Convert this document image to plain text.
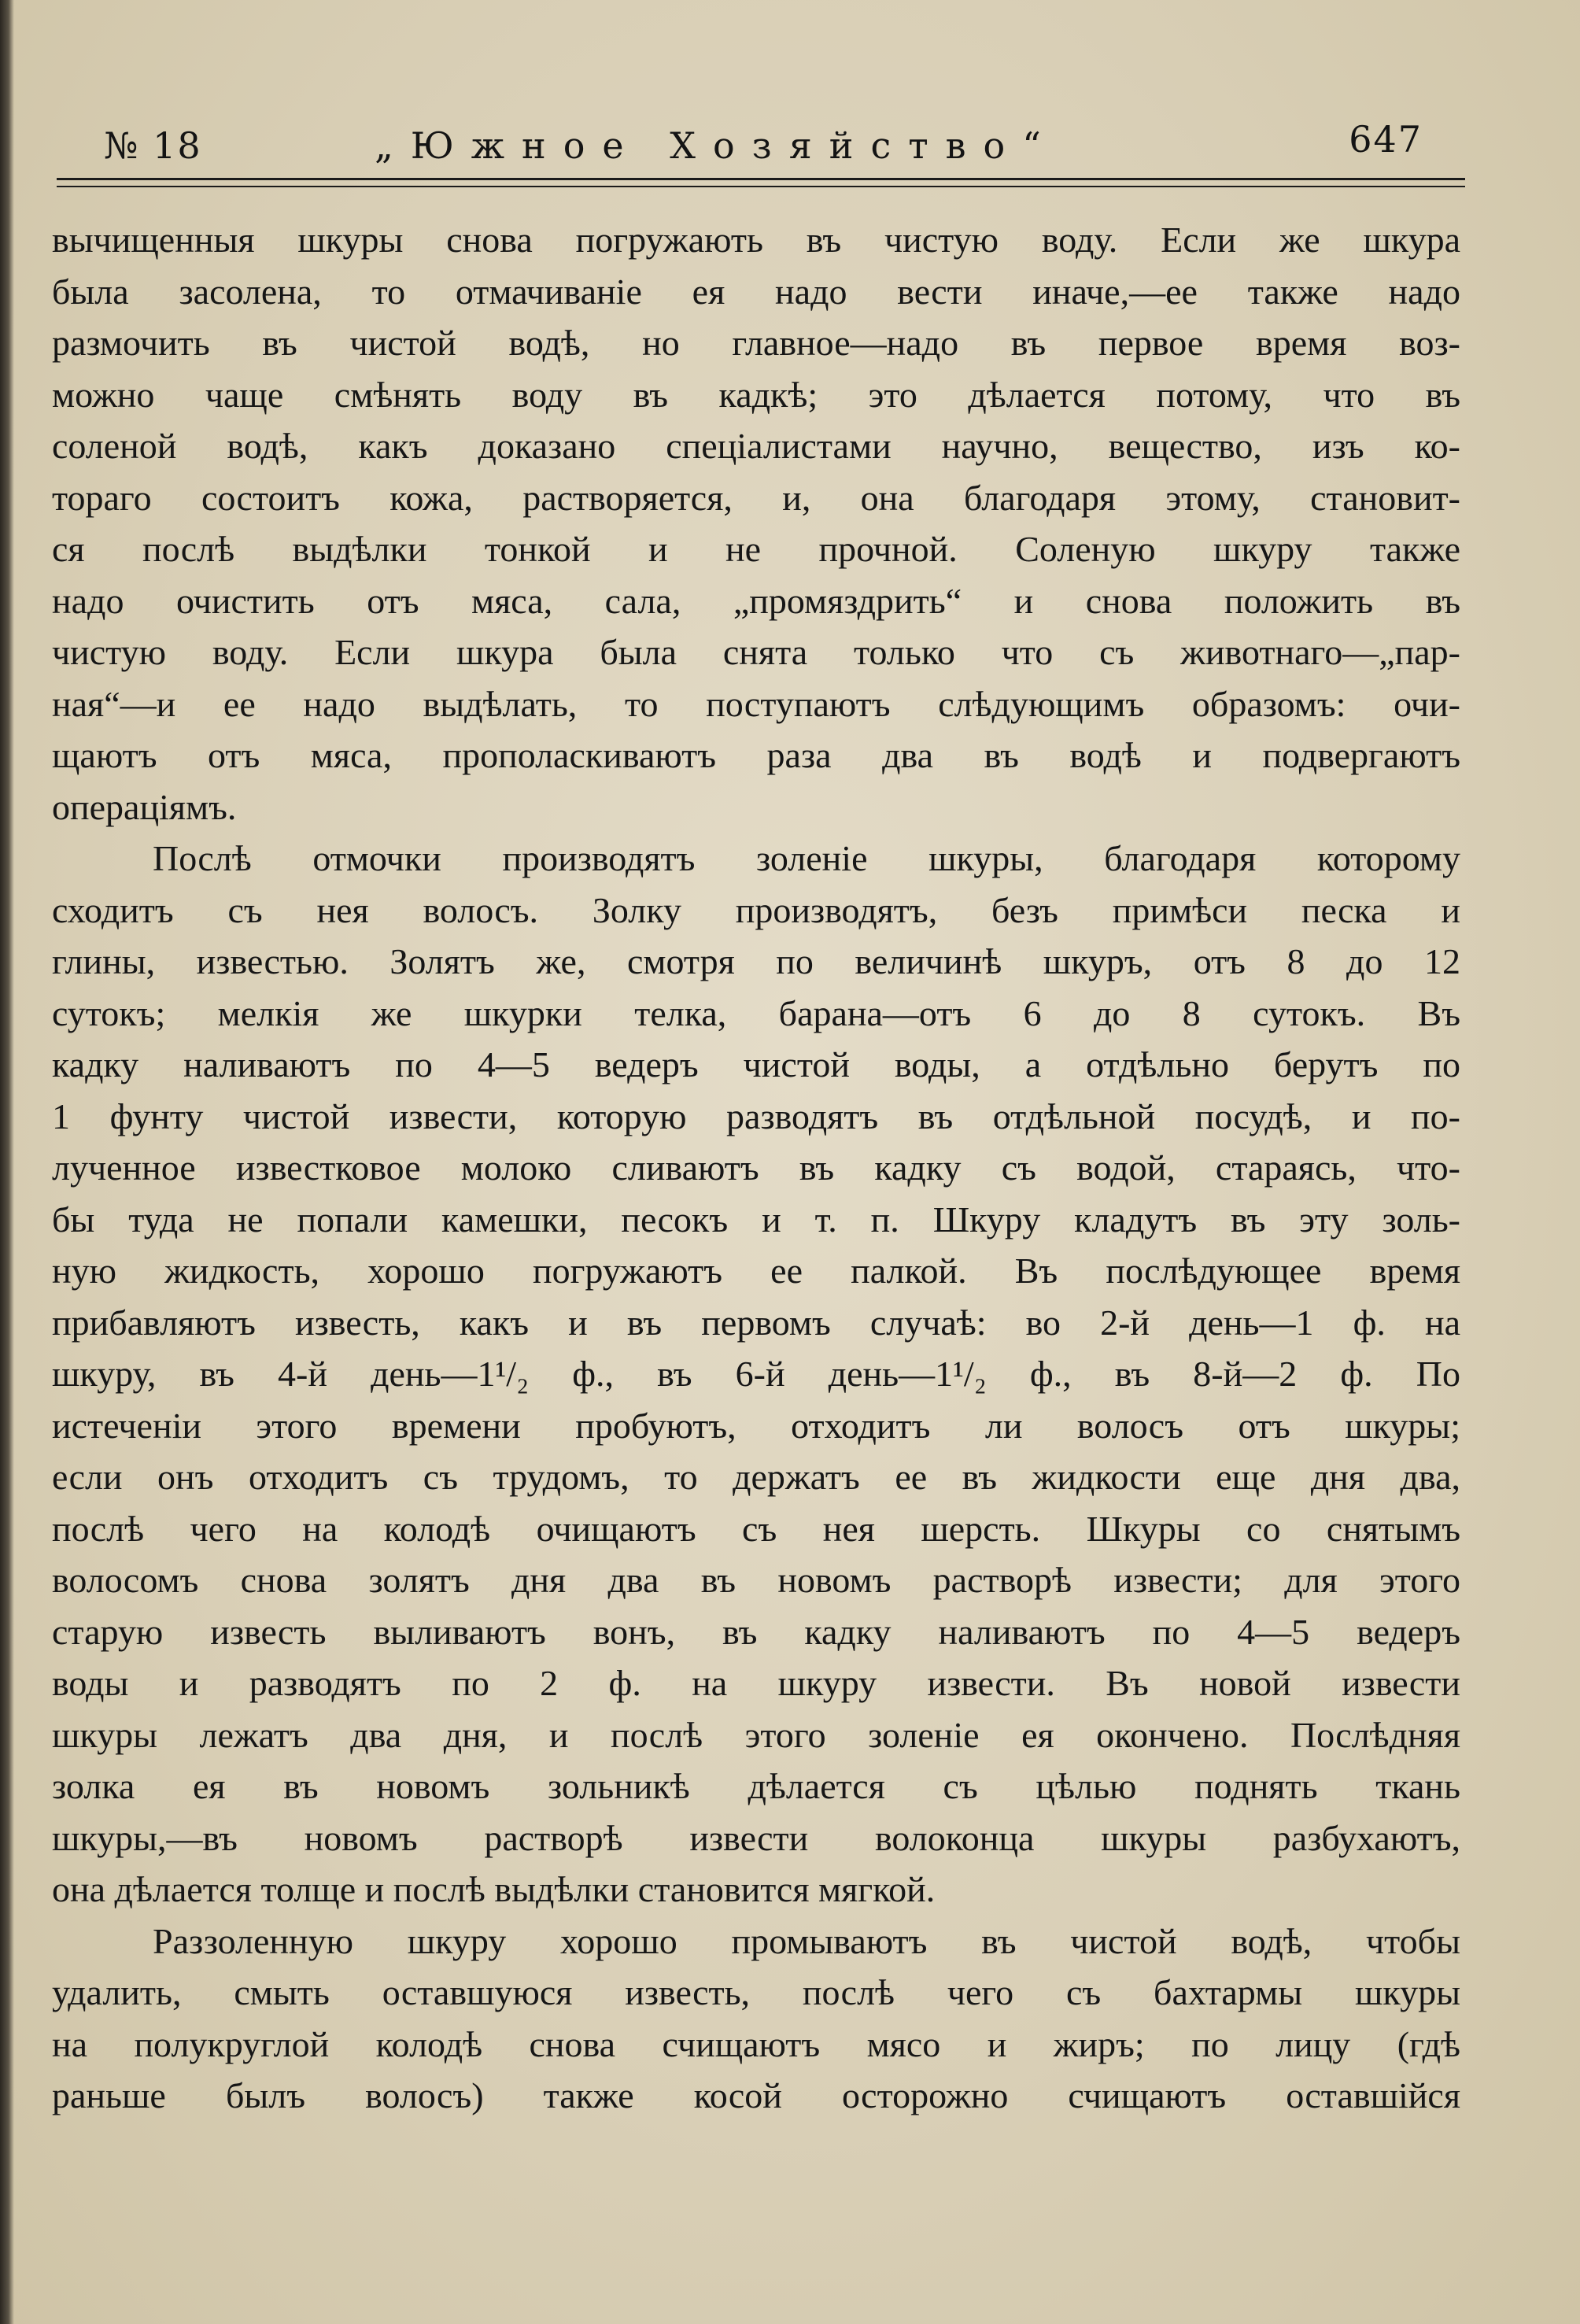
№ 18	„Южное Хозяйство“	647

вычищенныя шкуры снова погружають въ чистую воду. Если же шкура
была засолена, то отмачиваніе ея надо вести иначе,—ее также надо
размочить въ чистой водѣ, но главное—надо въ первое время воз-
можно чаще смѣнять воду въ кадкѣ; это дѣлается потому, что въ
соленой водѣ, какъ доказано спеціалистами научно, вещество, изъ ко-
тораго состоитъ кожа, растворяется, и, она благодаря этому, становит-
ся послѣ выдѣлки тонкой и не прочной. Соленую шкуру также
надо очистить отъ мяса, сала, „промяздрить“ и снова положить въ
чистую воду. Если шкура была снята только что съ животнаго—„пар-
ная“—и ее надо выдѣлать, то поступаютъ слѣдующимъ образомъ: очи-
щаютъ отъ мяса, прополаскиваютъ раза два въ водѣ и подвергаютъ
операціямъ.

Послѣ отмочки производятъ золеніе шкуры, благодаря которому
сходитъ съ нея волосъ. Золку производятъ, безъ примѣси песка и
глины, известью. Золятъ же, смотря по величинѣ шкуръ, отъ 8 до 12
сутокъ; мелкія же шкурки телка, барана—отъ 6 до 8 сутокъ. Въ
кадку наливаютъ по 4—5 ведеръ чистой воды, а отдѣльно берутъ по
1 фунту чистой извести, которую разводятъ въ отдѣльной посудѣ, и по-
лученное известковое молоко сливаютъ въ кадку съ водой, стараясь, что-
бы туда не попали камешки, песокъ и т. п. Шкуру кладутъ въ эту золь-
ную жидкость, хорошо погружаютъ ее палкой. Въ послѣдующее время
прибавляютъ известь, какъ и въ первомъ случаѣ: во 2-й день—1 ф. на
шкуру, въ 4-й день—1¹/₂ ф., въ 6-й день—1¹/₂ ф., въ 8-й—2 ф. По
истеченіи этого времени пробуютъ, отходитъ ли волосъ отъ шкуры;
если онъ отходитъ съ трудомъ, то держатъ ее въ жидкости еще дня два,
послѣ чего на колодѣ очищаютъ съ нея шерсть. Шкуры со снятымъ
волосомъ снова золятъ дня два въ новомъ растворѣ извести; для этого
старую известь выливаютъ вонъ, въ кадку наливаютъ по 4—5 ведеръ
воды и разводятъ по 2 ф. на шкуру извести. Въ новой извести
шкуры лежатъ два дня, и послѣ этого золеніе ея окончено. Послѣдняя
золка ея въ новомъ зольникѣ дѣлается съ цѣлью поднять ткань
шкуры,—въ новомъ растворѣ извести волоконца шкуры разбухаютъ,
она дѣлается толще и послѣ выдѣлки становится мягкой.

Раззоленную шкуру хорошо промываютъ въ чистой водѣ, чтобы
удалить, смыть оставшуюся известь, послѣ чего съ бахтармы шкуры
на полукруглой колодѣ снова счищаютъ мясо и жиръ; по лицу (гдѣ
раньше былъ волосъ) также косой осторожно счищаютъ оставшійся
